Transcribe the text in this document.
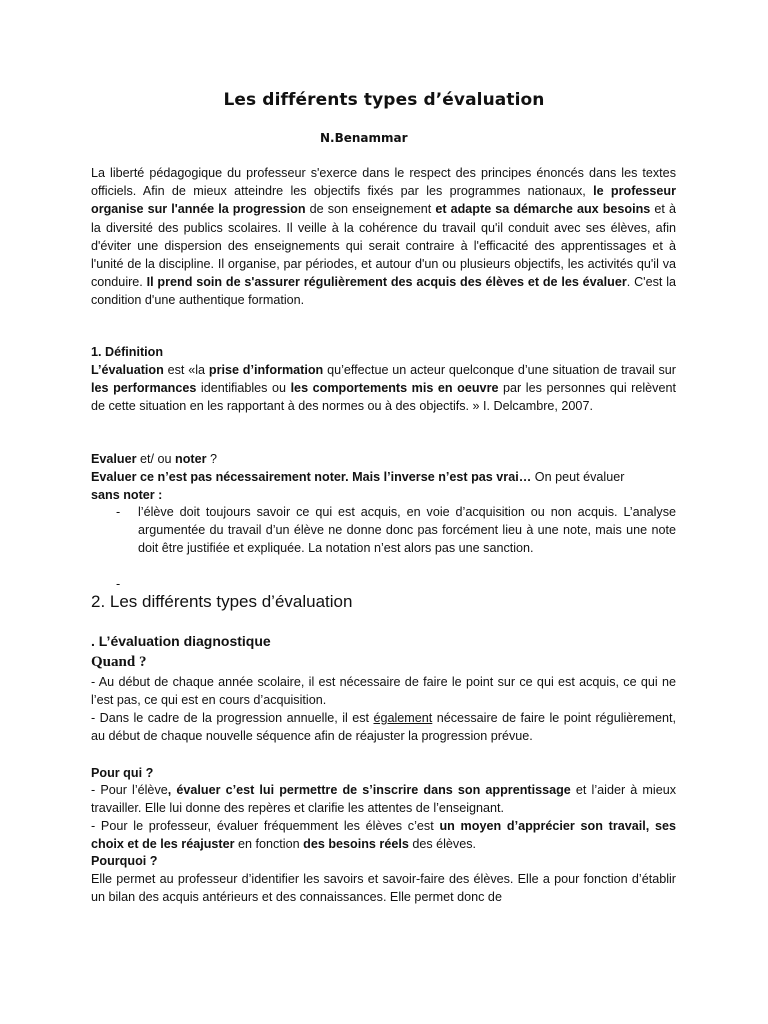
Les différents types d’évaluation
N.Benammar
La liberté pédagogique du professeur s'exerce dans le respect des principes énoncés dans les textes officiels. Afin de mieux atteindre les objectifs fixés par les programmes nationaux, le professeur organise sur l'année la progression de son enseignement et adapte sa démarche aux besoins et à la diversité des publics scolaires. Il veille à la cohérence du travail qu'il conduit avec ses élèves, afin d'éviter une dispersion des enseignements qui serait contraire à l'efficacité des apprentissages et à l'unité de la discipline. Il organise, par périodes, et autour d'un ou plusieurs objectifs, les activités qu'il va conduire. Il prend soin de s'assurer régulièrement des acquis des élèves et de les évaluer. C'est la condition d'une authentique formation.
1. Définition
L’évaluation est «la prise d’information qu’effectue un acteur quelconque d’une situation de travail sur les performances identifiables ou les comportements mis en oeuvre par les personnes qui relèvent de cette situation en les rapportant à des normes ou à des objectifs. » I. Delcambre, 2007.
Evaluer et/ ou noter ?
Evaluer ce n’est pas nécessairement noter. Mais l’inverse n’est pas vrai… On peut évaluer
sans noter :
- l’élève doit toujours savoir ce qui est acquis, en voie d’acquisition ou non acquis. L’analyse argumentée du travail d’un élève ne donne donc pas forcément lieu à une note, mais une note doit être justifiée et expliquée. La notation n’est alors pas une sanction.
-
2. Les différents types d’évaluation
. L’évaluation diagnostique
Quand ?
- Au début de chaque année scolaire, il est nécessaire de faire le point sur ce qui est acquis, ce qui ne l’est pas, ce qui est en cours d’acquisition.
- Dans le cadre de la progression annuelle, il est également nécessaire de faire le point régulièrement, au début de chaque nouvelle séquence afin de réajuster la progression prévue.
Pour qui ?
- Pour l’élève, évaluer c’est lui permettre de s’inscrire dans son apprentissage et l’aider à mieux travailler. Elle lui donne des repères et clarifie les attentes de l’enseignant.
- Pour le professeur, évaluer fréquemment les élèves c’est un moyen d’apprécier son travail, ses choix et de les réajuster en fonction des besoins réels des élèves.
Pourquoi ?
Elle permet au professeur d’identifier les savoirs et savoir-faire des élèves. Elle a pour fonction d’établir un bilan des acquis antérieurs et des connaissances. Elle permet donc de
